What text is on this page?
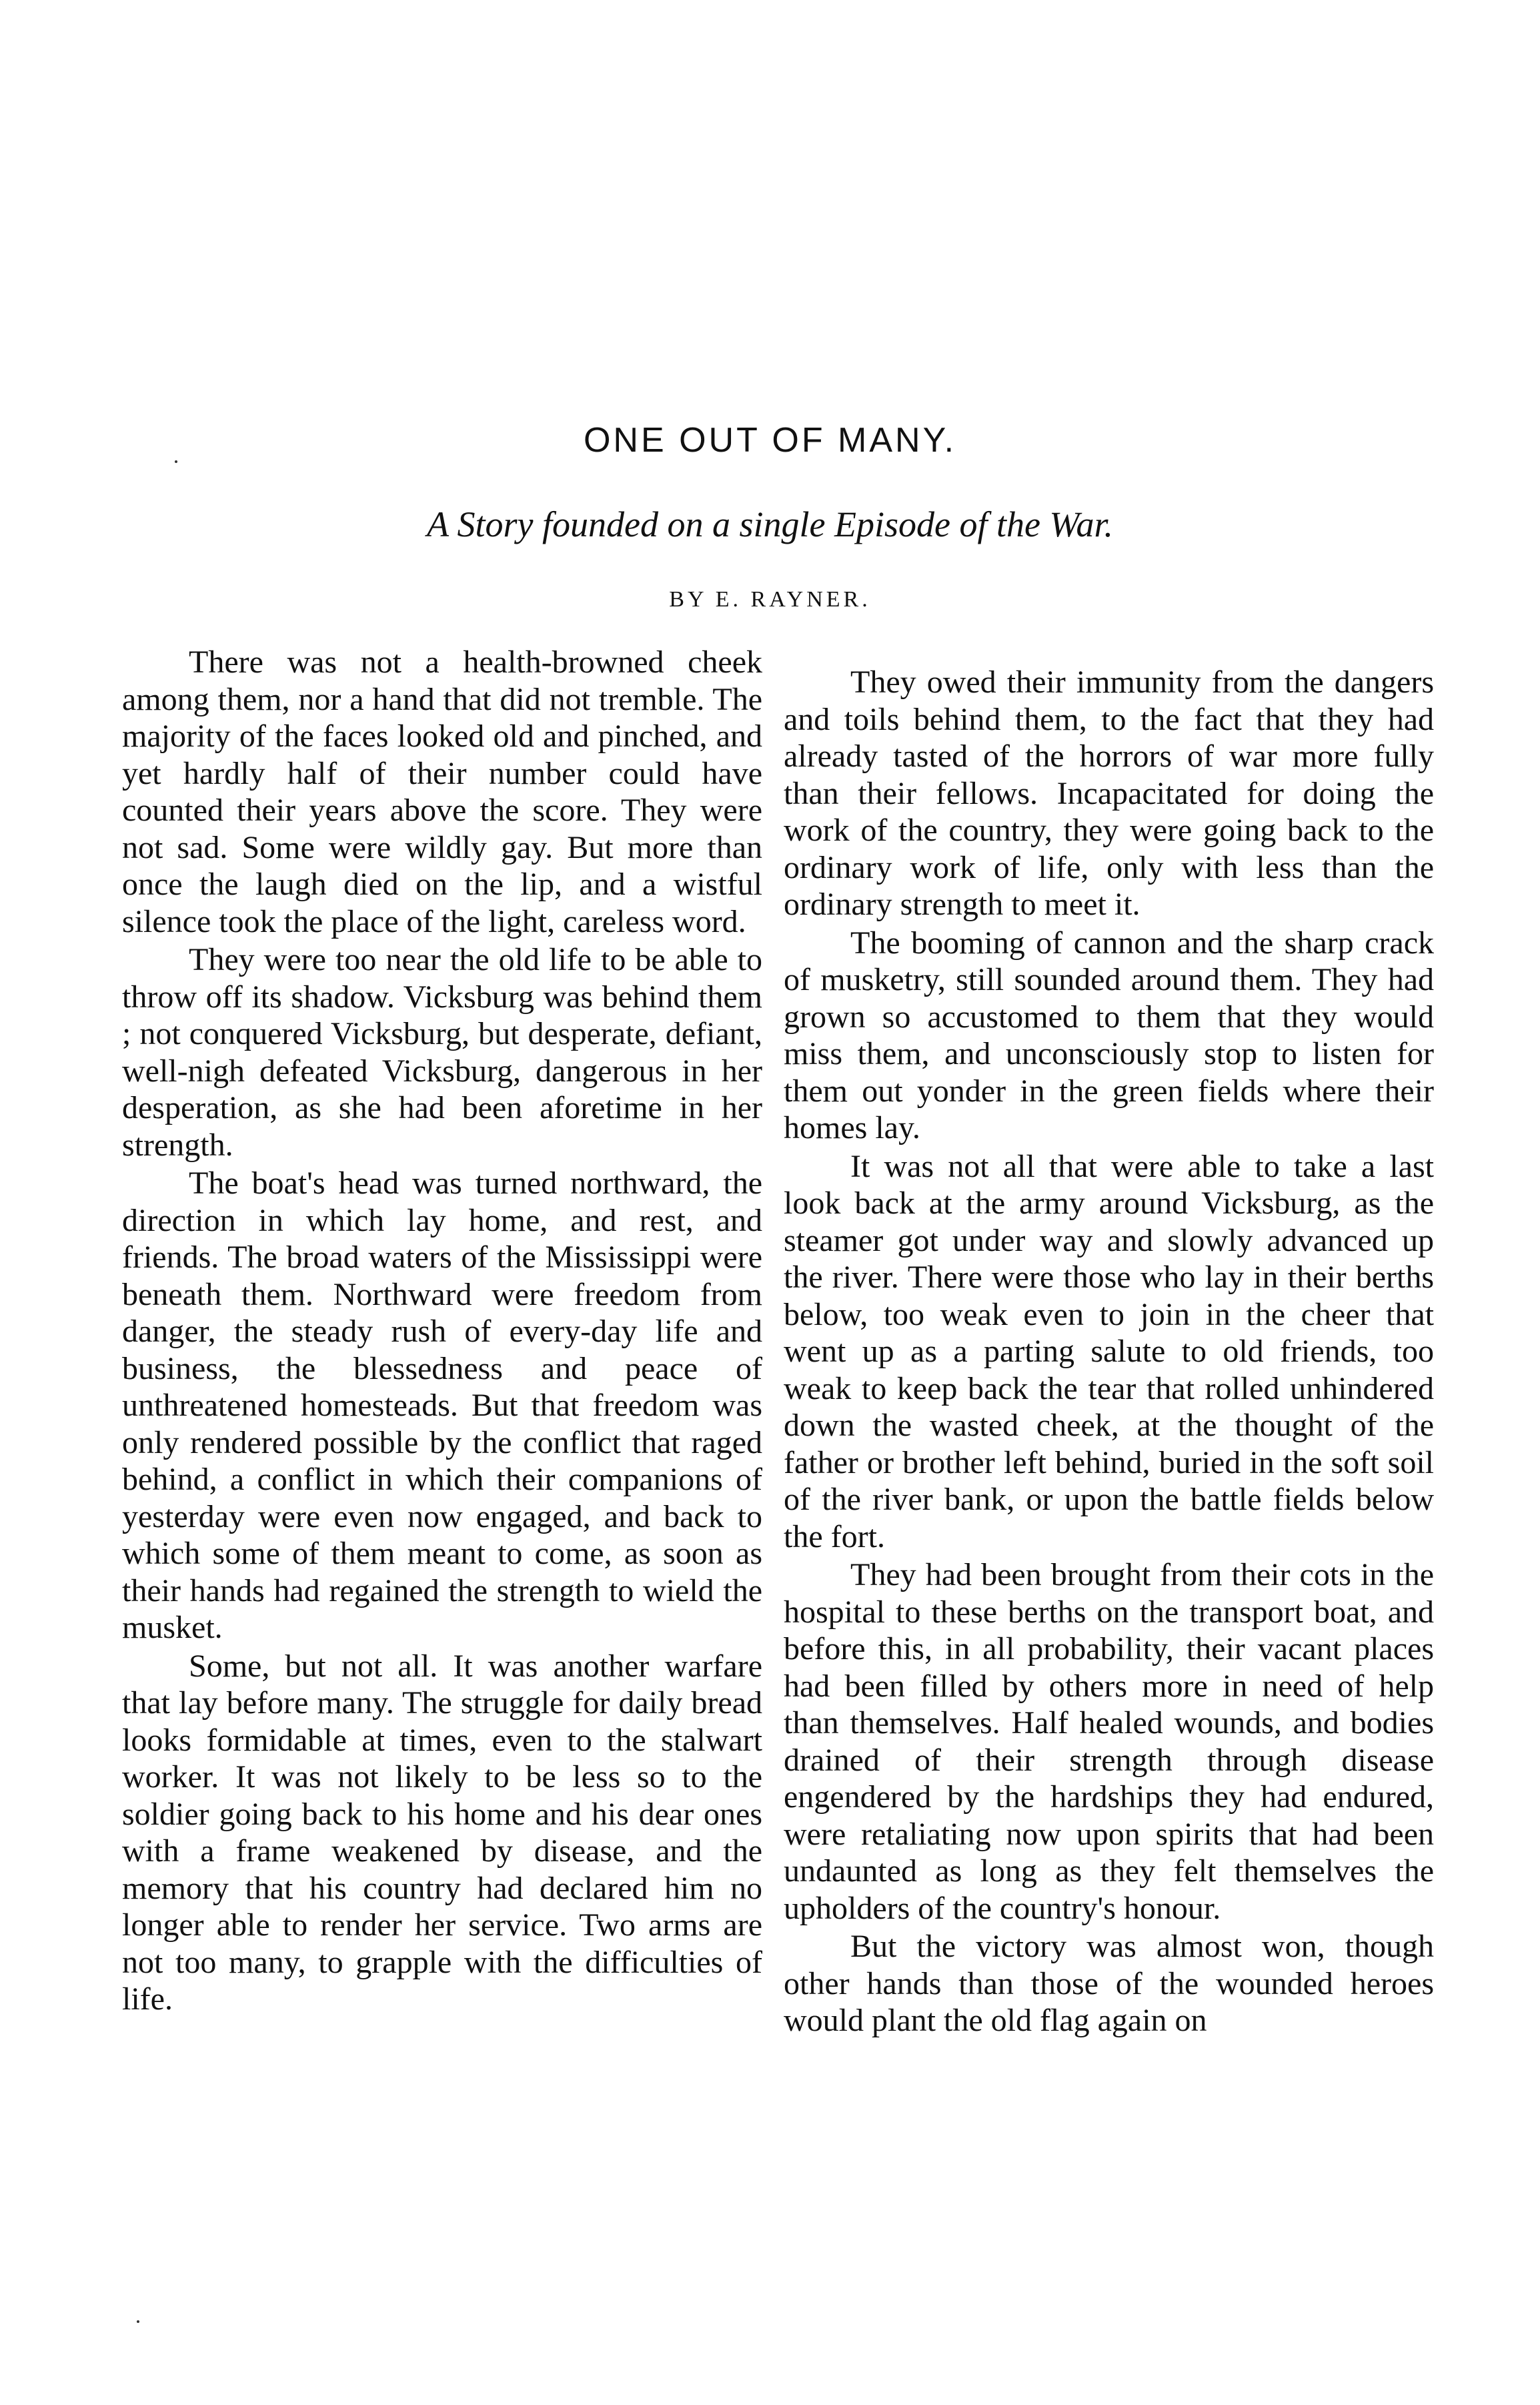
ONE OUT OF MANY.

A Story founded on a single Episode of the War.

BY E. RAYNER.

There was not a health-browned cheek among them, nor a hand that did not tremble. The majority of the faces looked old and pinched, and yet hardly half of their number could have counted their years above the score. They were not sad. Some were wildly gay. But more than once the laugh died on the lip, and a wistful silence took the place of the light, careless word.

They were too near the old life to be able to throw off its shadow. Vicksburg was behind them ; not conquered Vicksburg, but desperate, defiant, well-nigh defeated Vicksburg, dangerous in her desperation, as she had been aforetime in her strength.

The boat's head was turned northward, the direction in which lay home, and rest, and friends. The broad waters of the Mississippi were beneath them. Northward were freedom from danger, the steady rush of every-day life and business, the blessedness and peace of unthreatened homesteads. But that freedom was only rendered possible by the conflict that raged behind, a conflict in which their companions of yesterday were even now engaged, and back to which some of them meant to come, as soon as their hands had regained the strength to wield the musket.

Some, but not all. It was another warfare that lay before many. The struggle for daily bread looks formidable at times, even to the stalwart worker. It was not likely to be less so to the soldier going back to his home and his dear ones with a frame weakened by disease, and the memory that his country had declared him no longer able to render her service. Two arms are not too many, to grapple with the difficulties of life.

They owed their immunity from the dangers and toils behind them, to the fact that they had already tasted of the horrors of war more fully than their fellows. Incapacitated for doing the work of the country, they were going back to the ordinary work of life, only with less than the ordinary strength to meet it.

The booming of cannon and the sharp crack of musketry, still sounded around them. They had grown so accustomed to them that they would miss them, and unconsciously stop to listen for them out yonder in the green fields where their homes lay.

It was not all that were able to take a last look back at the army around Vicksburg, as the steamer got under way and slowly advanced up the river. There were those who lay in their berths below, too weak even to join in the cheer that went up as a parting salute to old friends, too weak to keep back the tear that rolled unhindered down the wasted cheek, at the thought of the father or brother left behind, buried in the soft soil of the river bank, or upon the battle fields below the fort.

They had been brought from their cots in the hospital to these berths on the transport boat, and before this, in all probability, their vacant places had been filled by others more in need of help than themselves. Half healed wounds, and bodies drained of their strength through disease engendered by the hardships they had endured, were retaliating now upon spirits that had been undaunted as long as they felt themselves the upholders of the country's honour.

But the victory was almost won, though other hands than those of the wounded heroes would plant the old flag again on
